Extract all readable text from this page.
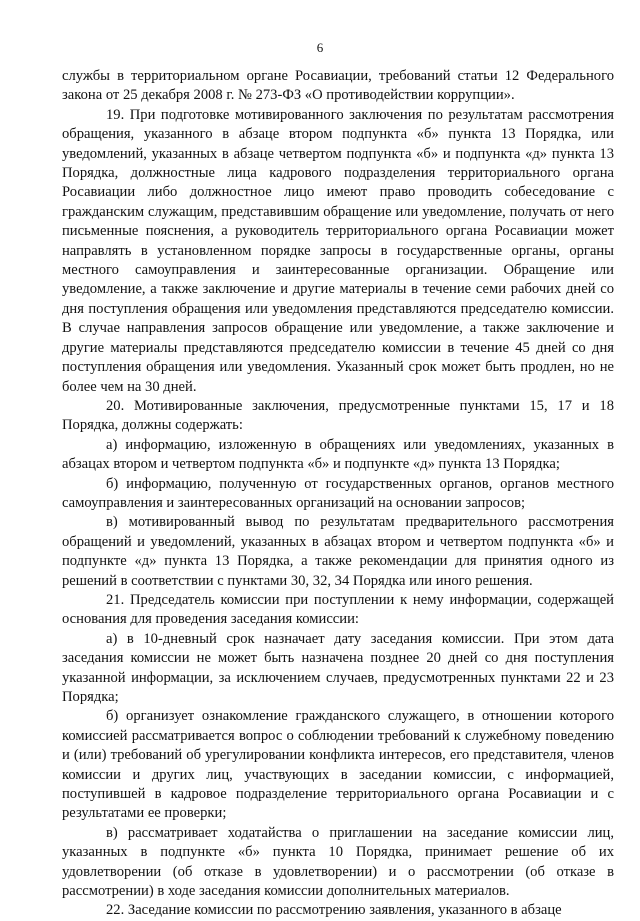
6

службы в территориальном органе Росавиации, требований статьи 12 Федерального закона от 25 декабря 2008 г. № 273-ФЗ «О противодействии коррупции».

19. При подготовке мотивированного заключения по результатам рассмотрения обращения, указанного в абзаце втором подпункта «б» пункта 13 Порядка, или уведомлений, указанных в абзаце четвертом подпункта «б» и подпункта «д» пункта 13 Порядка, должностные лица кадрового подразделения территориального органа Росавиации либо должностное лицо имеют право проводить собеседование с гражданским служащим, представившим обращение или уведомление, получать от него письменные пояснения, а руководитель территориального органа Росавиации может направлять в установленном порядке запросы в государственные органы, органы местного самоуправления и заинтересованные организации. Обращение или уведомление, а также заключение и другие материалы в течение семи рабочих дней со дня поступления обращения или уведомления представляются председателю комиссии. В случае направления запросов обращение или уведомление, а также заключение и другие материалы представляются председателю комиссии в течение 45 дней со дня поступления обращения или уведомления. Указанный срок может быть продлен, но не более чем на 30 дней.

20. Мотивированные заключения, предусмотренные пунктами 15, 17 и 18 Порядка, должны содержать:

а) информацию, изложенную в обращениях или уведомлениях, указанных в абзацах втором и четвертом подпункта «б» и подпункте «д» пункта 13 Порядка;

б) информацию, полученную от государственных органов, органов местного самоуправления и заинтересованных организаций на основании запросов;

в) мотивированный вывод по результатам предварительного рассмотрения обращений и уведомлений, указанных в абзацах втором и четвертом подпункта «б» и подпункте «д» пункта 13 Порядка, а также рекомендации для принятия одного из решений в соответствии с пунктами 30, 32, 34 Порядка или иного решения.

21. Председатель комиссии при поступлении к нему информации, содержащей основания для проведения заседания комиссии:

а) в 10-дневный срок назначает дату заседания комиссии. При этом дата заседания комиссии не может быть назначена позднее 20 дней со дня поступления указанной информации, за исключением случаев, предусмотренных пунктами 22 и 23 Порядка;

б) организует ознакомление гражданского служащего, в отношении которого комиссией рассматривается вопрос о соблюдении требований к служебному поведению и (или) требований об урегулировании конфликта интересов, его представителя, членов комиссии и других лиц, участвующих в заседании комиссии, с информацией, поступившей в кадровое подразделение территориального органа Росавиации и с результатами ее проверки;

в) рассматривает ходатайства о приглашении на заседание комиссии лиц, указанных в подпункте «б» пункта 10 Порядка, принимает решение об их удовлетворении (об отказе в удовлетворении) и о рассмотрении (об отказе в рассмотрении) в ходе заседания комиссии дополнительных материалов.

22. Заседание комиссии по рассмотрению заявления, указанного в абзаце
